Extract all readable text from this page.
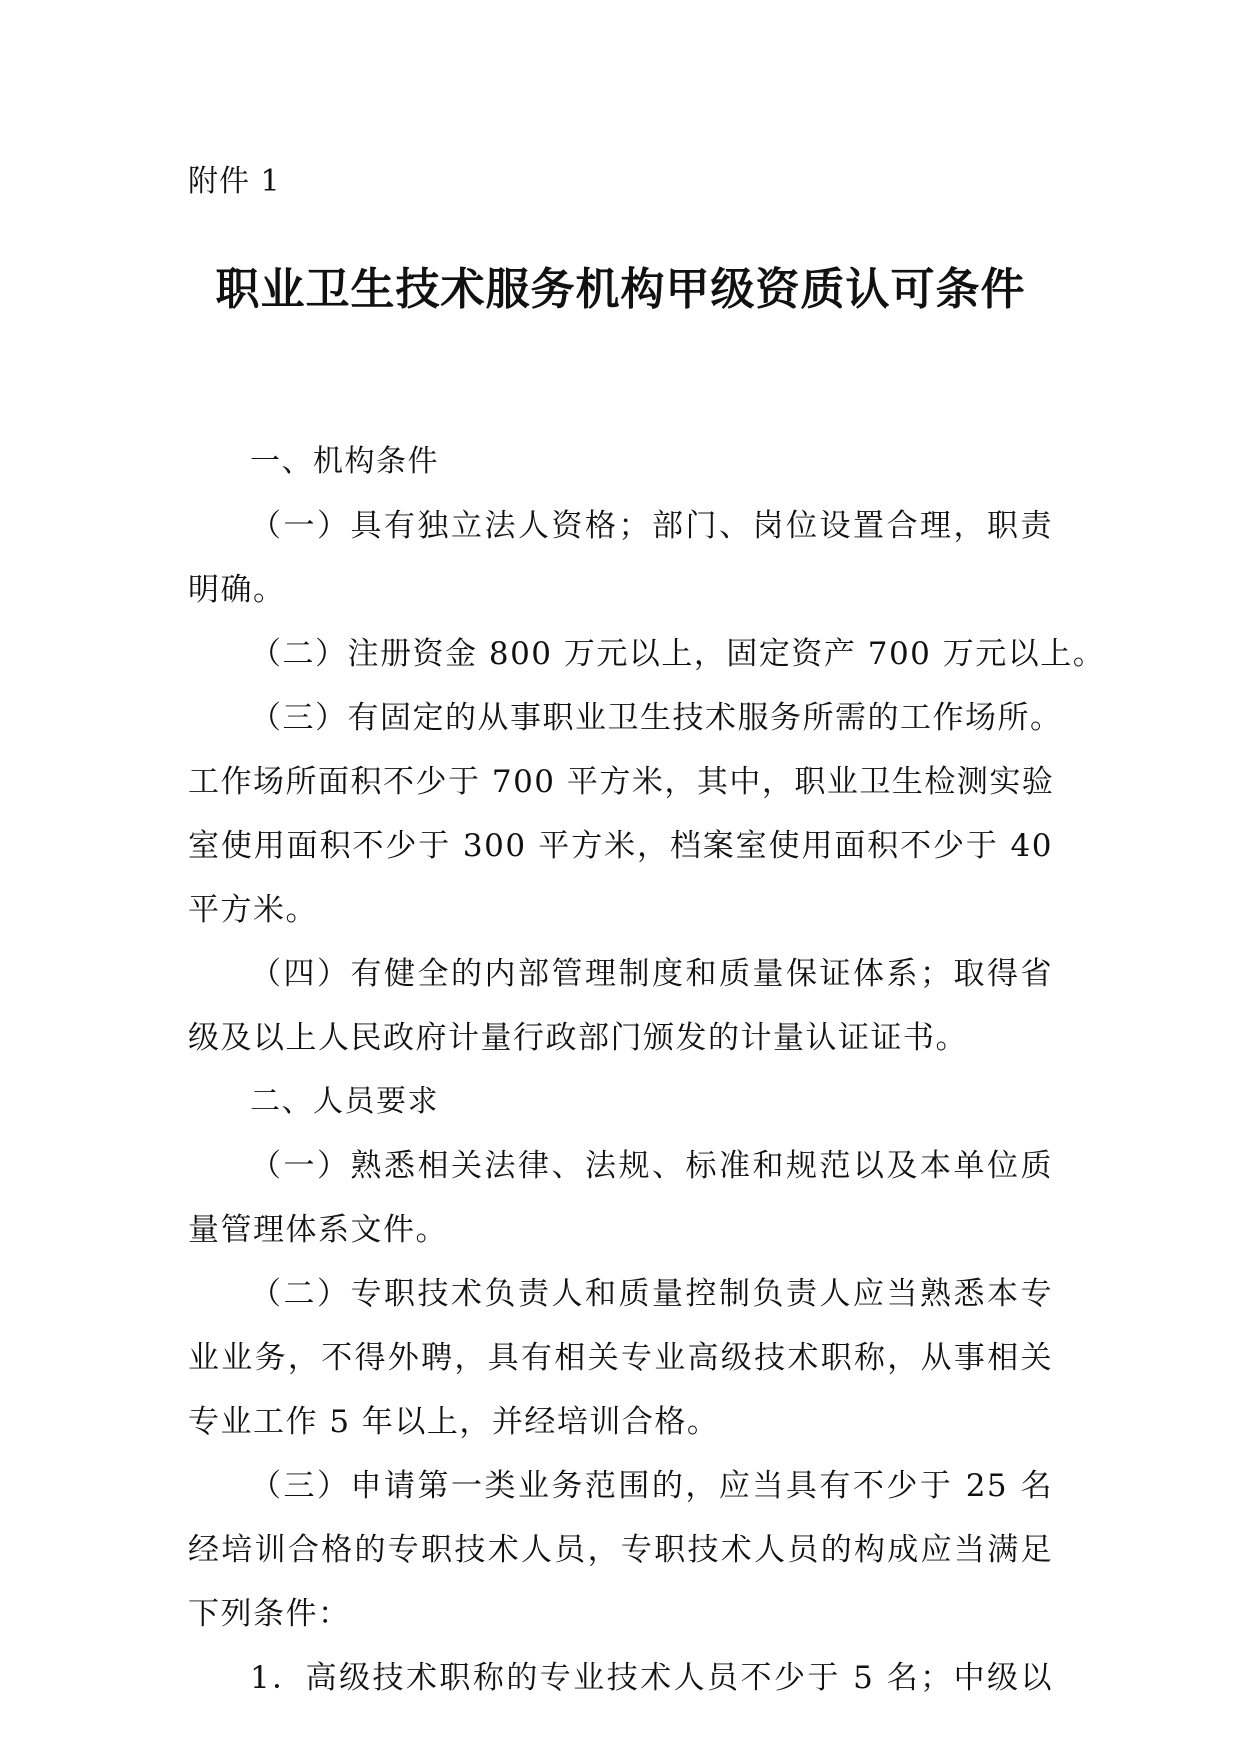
附件 1
职业卫生技术服务机构甲级资质认可条件
一、机构条件
（一）具有独立法人资格；部门、岗位设置合理，职责
明确。
（二）注册资金 800 万元以上，固定资产 700 万元以上。
（三）有固定的从事职业卫生技术服务所需的工作场所。
工作场所面积不少于 700 平方米，其中，职业卫生检测实验
室使用面积不少于 300 平方米，档案室使用面积不少于 40
平方米。
（四）有健全的内部管理制度和质量保证体系；取得省
级及以上人民政府计量行政部门颁发的计量认证证书。
二、人员要求
（一）熟悉相关法律、法规、标准和规范以及本单位质
量管理体系文件。
（二）专职技术负责人和质量控制负责人应当熟悉本专
业业务，不得外聘，具有相关专业高级技术职称，从事相关
专业工作 5 年以上，并经培训合格。
（三）申请第一类业务范围的，应当具有不少于 25 名
经培训合格的专职技术人员，专职技术人员的构成应当满足
下列条件：
1．高级技术职称的专业技术人员不少于 5 名；中级以
